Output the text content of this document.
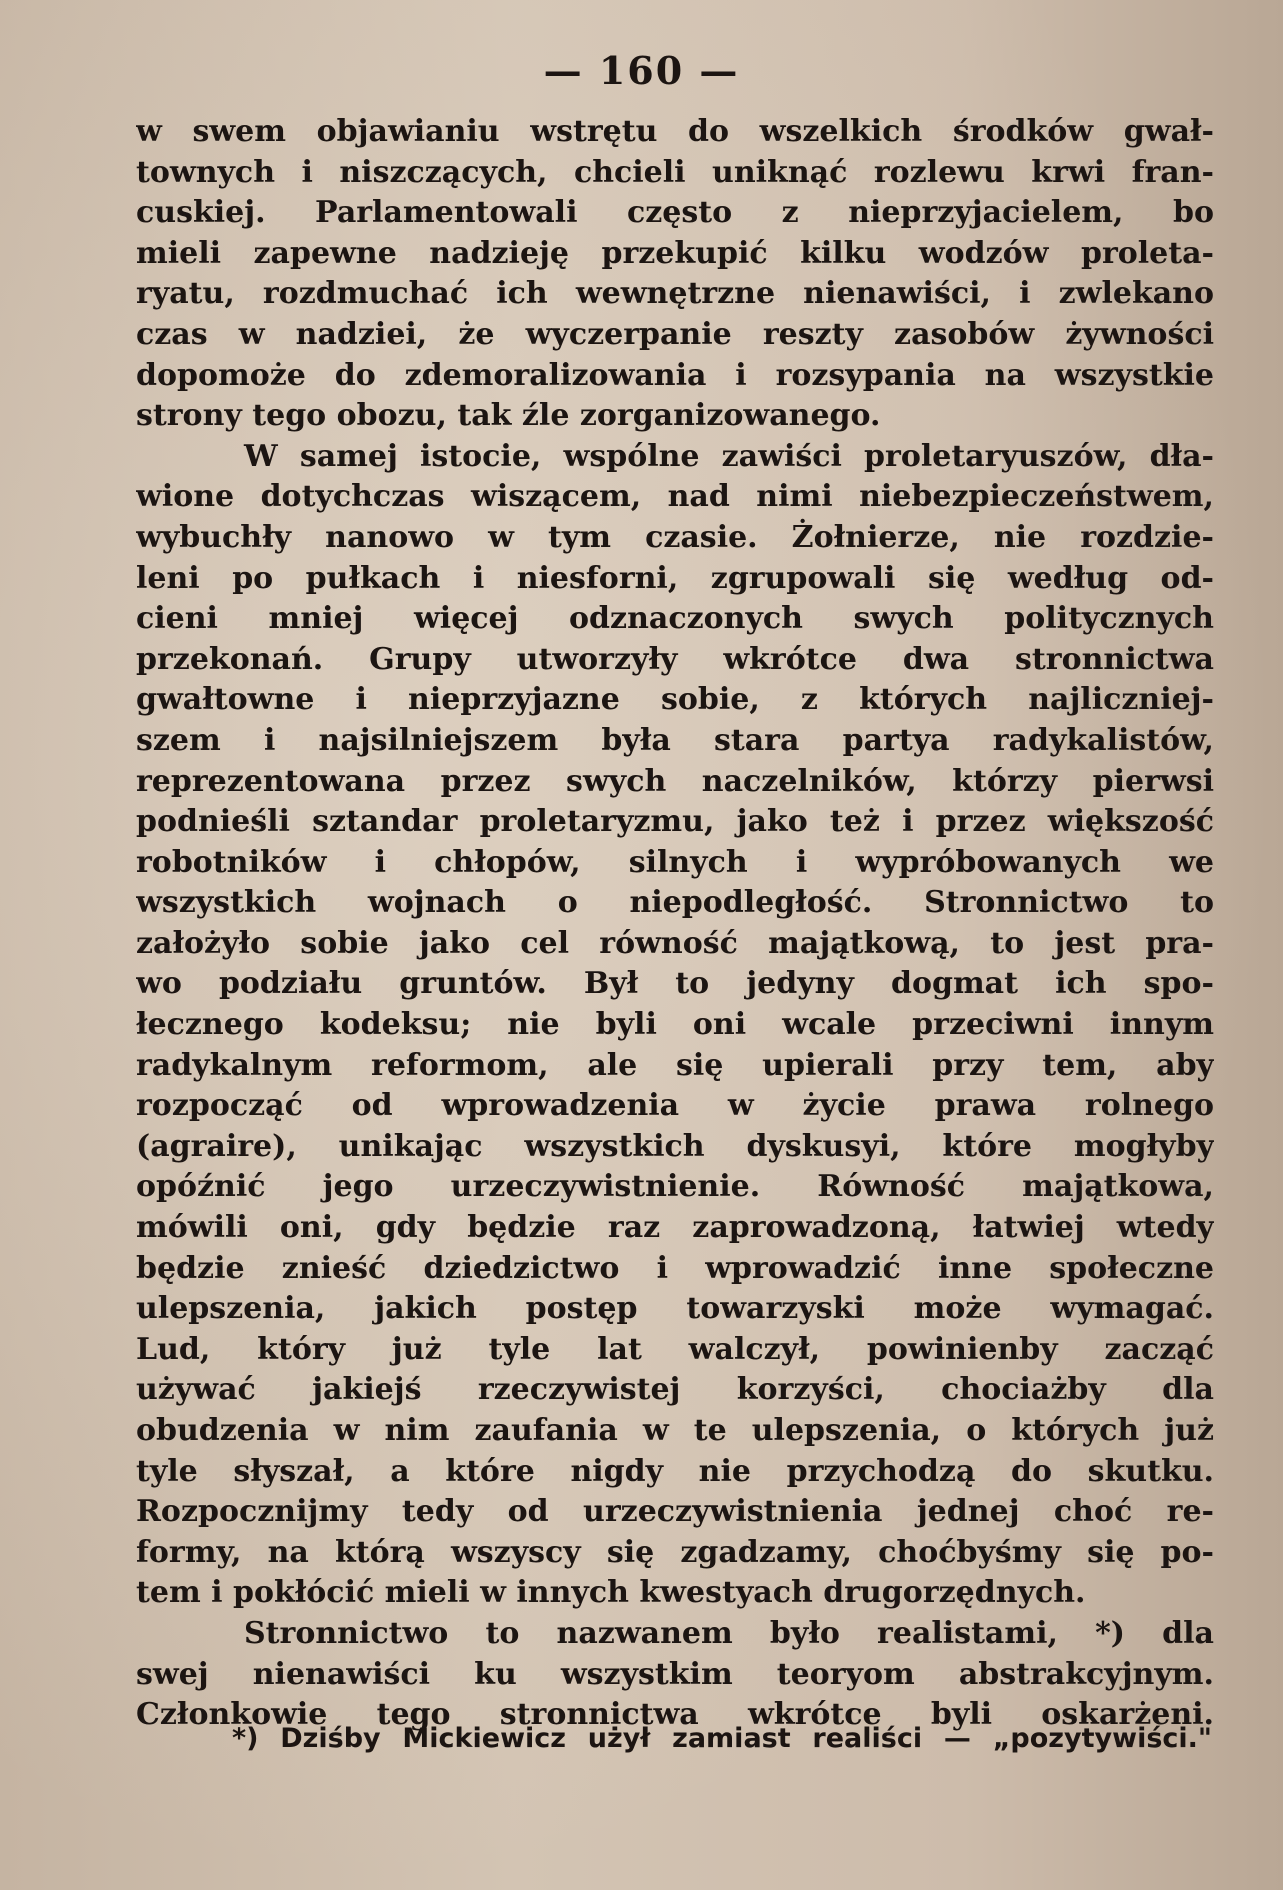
— 160 —
w swem objawianiu wstrętu do wszelkich środków gwał-
townych i niszczących, chcieli uniknąć rozlewu krwi fran-
cuskiej. Parlamentowali często z nieprzyjacielem, bo
mieli zapewne nadzieję przekupić kilku wodzów proleta-
ryatu, rozdmuchać ich wewnętrzne nienawiści, i zwlekano
czas w nadziei, że wyczerpanie reszty zasobów żywności
dopomoże do zdemoralizowania i rozsypania na wszystkie
strony tego obozu, tak źle zorganizowanego.
W samej istocie, wspólne zawiści proletaryuszów, dła-
wione dotychczas wiszącem, nad nimi niebezpieczeństwem,
wybuchły nanowo w tym czasie. Żołnierze, nie rozdzie-
leni po pułkach i niesforni, zgrupowali się według od-
cieni mniej więcej odznaczonych swych politycznych
przekonań. Grupy utworzyły wkrótce dwa stronnictwa
gwałtowne i nieprzyjazne sobie, z których najliczniej-
szem i najsilniejszem była stara partya radykalistów,
reprezentowana przez swych naczelników, którzy pierwsi
podnieśli sztandar proletaryzmu, jako też i przez większość
robotników i chłopów, silnych i wypróbowanych we
wszystkich wojnach o niepodległość. Stronnictwo to
założyło sobie jako cel równość majątkową, to jest pra-
wo podziału gruntów. Był to jedyny dogmat ich spo-
łecznego kodeksu; nie byli oni wcale przeciwni innym
radykalnym reformom, ale się upierali przy tem, aby
rozpocząć od wprowadzenia w życie prawa rolnego
(agraire), unikając wszystkich dyskusyi, które mogłyby
opóźnić jego urzeczywistnienie. Równość majątkowa,
mówili oni, gdy będzie raz zaprowadzoną, łatwiej wtedy
będzie znieść dziedzictwo i wprowadzić inne społeczne
ulepszenia, jakich postęp towarzyski może wymagać.
Lud, który już tyle lat walczył, powinienby zacząć
używać jakiejś rzeczywistej korzyści, chociażby dla
obudzenia w nim zaufania w te ulepszenia, o których już
tyle słyszał, a które nigdy nie przychodzą do skutku.
Rozpocznijmy tedy od urzeczywistnienia jednej choć re-
formy, na którą wszyscy się zgadzamy, choćbyśmy się po-
tem i pokłócić mieli w innych kwestyach drugorzędnych.
Stronnictwo to nazwanem było realistami, *) dla
swej nienawiści ku wszystkim teoryom abstrakcyjnym.
Członkowie tego stronnictwa wkrótce byli oskarżeni.
*) Dziśby Mickiewicz użył zamiast realiści — „pozytywiści."
